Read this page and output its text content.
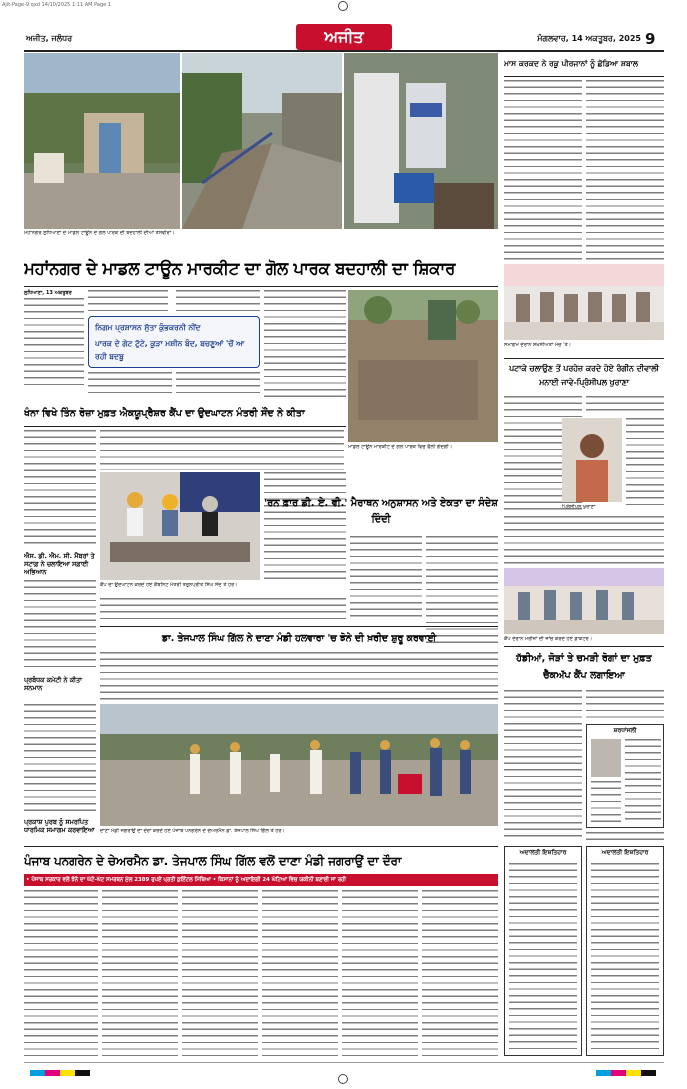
Ajit-Page-9.qxd 14/10/2025 1:11 AM Page 1
ਅਜੀਤ, ਜਲੰਧਰ	ਅਜੀਤ	ਮੰਗਲਵਾਰ, 14 ਅਕਤੂਬਰ, 2025 9
ਮਹਾਂਨਗਰ ਲੁਧਿਆਣਾ ਦੇ ਮਾਡਲ ਟਾਊਨ ਦੇ ਗੋਲ ਪਾਰਕ ਦੀ ਬਦਹਾਲੀ ਦੀਆਂ ਤਸਵੀਰਾਂ।
ਮਹਾਂਨਗਰ ਦੇ ਮਾਡਲ ਟਾਊਨ ਮਾਰਕੀਟ ਦਾ ਗੋਲ ਪਾਰਕ ਬਦਹਾਲੀ ਦਾ ਸ਼ਿਕਾਰ
ਲੁਧਿਆਣਾ, 13 ਅਕਤੂਬਰ
ਨਿਗਮ ਪ੍ਰਸ਼ਾਸਨ ਸੁੱਤਾ ਕੁੰਭਕਰਨੀ ਨੀਂਦ
ਪਾਰਕ ਦੇ ਗੇਟ ਟੁੱਟੇ, ਕੂੜਾ ਮਸ਼ੀਨ ਬੰਦ, ਬਚਣੂਆਂ 'ਚੋਂ ਆ ਰਹੀ ਬਦਬੂ
ਮਾਡਲ ਟਾਊਨ ਮਾਰਕੀਟ ਦੇ ਗੋਲ ਪਾਰਕ ਵਿਚ ਫੈਲੀ ਗੰਦਗੀ।
ਖੰਨਾ ਵਿਖੇ ਤਿੰਨ ਰੋਜ਼ਾ ਮੁਫ਼ਤ ਐਕਯੂਪ੍ਰੈਸ਼ਰ ਕੈਂਪ ਦਾ ਉਦਘਾਟਨ ਮੰਤਰੀ ਸੌਂਦ ਨੇ ਕੀਤਾ
ਐਸ. ਡੀ. ਐਮ. ਸੀ. ਮੈਂਬਰਾਂ ਤੇ ਸਟਾਫ਼ ਨੇ ਚਲਾਇਆ ਸਫ਼ਾਈ ਅਭਿਆਨ
ਕੈਂਪ ਦਾ ਉਦਘਾਟਨ ਕਰਦੇ ਹੋਏ ਕੈਬਨਿਟ ਮੰਤਰੀ ਤਰੁਨਪ੍ਰੀਤ ਸਿੰਘ ਸੌਂਦ ਤੇ ਹੋਰ।
'ਰਨ ਫ਼ਾਰ ਡੀ. ਏ. ਵੀ.' ਮੈਰਾਥਨ ਅਨੁਸ਼ਾਸਨ ਅਤੇ ਏਕਤਾ ਦਾ ਸੰਦੇਸ਼ ਦਿੰਦੀ
ਡਾ. ਤੇਜਪਾਲ ਸਿੰਘ ਗਿੱਲ ਨੇ ਦਾਣਾ ਮੰਡੀ ਹਲਵਾਰਾ 'ਚ ਝੋਨੇ ਦੀ ਖ਼ਰੀਦ ਸ਼ੁਰੂ ਕਰਵਾਈ
ਪ੍ਰਬੰਧਕ ਕਮੇਟੀ ਨੇ ਕੀਤਾ ਸਨਮਾਨ
ਦਾਣਾ ਮੰਡੀ ਜਗਰਾਉਂ ਦਾ ਦੌਰਾ ਕਰਦੇ ਹੋਏ ਪੰਜਾਬ ਪਨਗਰੇਨ ਦੇ ਚੇਅਰਮੈਨ ਡਾ. ਤੇਜਪਾਲ ਸਿੰਘ ਗਿੱਲ ਤੇ ਹੋਰ।
ਪ੍ਰਕਾਸ਼ ਪੁਰਬ ਨੂੰ ਸਮਰਪਿਤ ਧਾਰਮਿਕ ਸਮਾਗਮ ਕਰਵਾਇਆ
ਪੰਜਾਬ ਪਨਗਰੇਨ ਦੇ ਚੇਅਰਮੈਨ ਡਾ. ਤੇਜਪਾਲ ਸਿੰਘ ਗਿੱਲ ਵਲੋਂ ਦਾਣਾ ਮੰਡੀ ਜਗਰਾਉਂ ਦਾ ਦੌਰਾ
• ਪੰਜਾਬ ਸਰਕਾਰ ਵਲੋਂ ਝੋਨੇ ਦਾ ਘੱਟੋ-ਘੱਟ ਸਮਰਥਨ ਮੁੱਲ 2389 ਰੁਪਏ ਪ੍ਰਤੀ ਕੁਇੰਟਲ ਮਿੱਥਿਆ • ਕਿਸਾਨਾਂ ਨੂੰ ਅਦਾਇਗੀ 24 ਘੰਟਿਆਂ ਵਿਚ ਯਕੀਨੀ ਬਣਾਈ ਜਾ ਰਹੀ
ਮਾਸ ਕਰਕਦ ਨੇ ਰਕੂ ਪੀਰਜਾਨਾਂ ਨੂੰ ਛੋਡਿਆ ਸ਼ਬਾਲ
ਸਮਾਗਮ ਦੌਰਾਨ ਸ਼ਖ਼ਸੀਅਤਾਂ ਮੰਚ 'ਤੇ।
ਪਟਾਕੇ ਚਲਾਉਣ ਤੋਂ ਪਰਹੇਜ਼ ਕਰਦੇ ਹੋਏ ਰੰਗੀਨ ਦੀਵਾਲੀ ਮਨਾਈ ਜਾਵੇ-ਪ੍ਰਿੰਸੀਪਲ ਖੁਰਾਣਾ
ਪ੍ਰਿੰਸੀਪਲ ਖੁਰਾਣਾ
ਕੈਂਪ ਦੌਰਾਨ ਮਰੀਜ਼ਾਂ ਦੀ ਜਾਂਚ ਕਰਦੇ ਹੋਏ ਡਾਕਟਰ।
ਹੱਡੀਆਂ, ਜੋੜਾਂ ਤੇ ਚਮੜੀ ਰੋਗਾਂ ਦਾ ਮੁਫ਼ਤ ਚੈੱਕਅੱਪ ਕੈਂਪ ਲਗਾਇਆ
ਸ਼ਰਧਾਂਜਲੀ
ਅਦਾਲਤੀ ਇਸ਼ਤਿਹਾਰ	ਅਦਾਲਤੀ ਇਸ਼ਤਿਹਾਰ
